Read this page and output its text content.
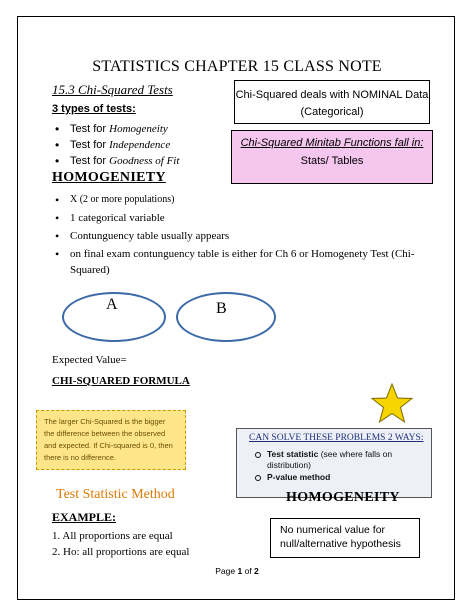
STATISTICS CHAPTER 15 CLASS NOTE
15.3 Chi-Squared Tests
3 types of tests:
• Test for Homogeneity
• Test for Independence
• Test for Goodness of Fit
Chi-Squared deals with NOMINAL Data
(Categorical)
Chi-Squared Minitab Functions fall in:
Stats/ Tables
HOMOGENIETY
• X (2 or more populations)
• 1 categorical variable
• Contunguency table usually appears
• on final exam contunguency table is either for Ch 6 or Homogenety Test (Chi-Squared)
A	B
Expected Value=
CHI-SQUARED FORMULA
The larger Chi-Squared is the bigger
the difference between the observed
and expected. If Chi-squared is 0, then
there is no difference.
CAN SOLVE THESE PROBLEMS 2 WAYS:
Test statistic (see where falls on distribution)
P-value method
Test Statistic Method	HOMOGENEITY
EXAMPLE:
1. All proportions are equal
2. Ho: all proportions are equal
No numerical value for null/alternative hypothesis
Page 1 of 2
